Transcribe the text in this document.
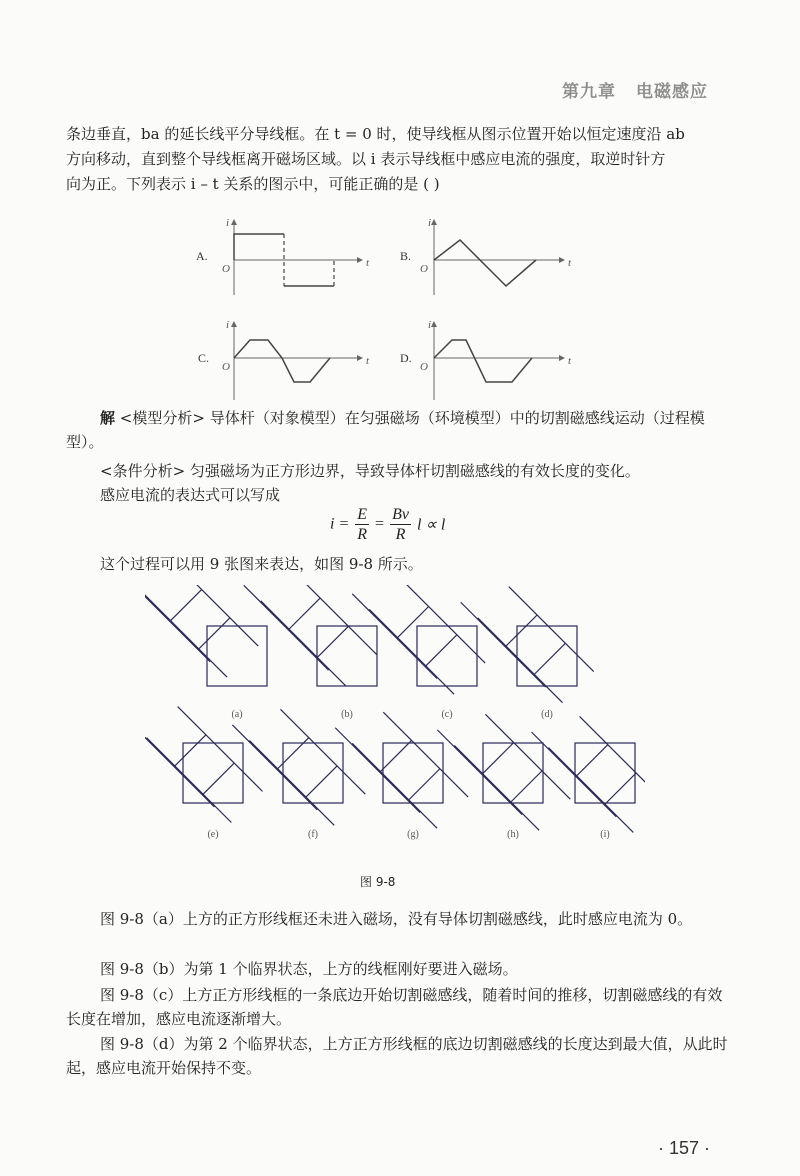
第九章 电磁感应
条边垂直，ba 的延长线平分导线框。在 t = 0 时，使导线框从图示位置开始以恒定速度沿 ab
方向移动，直到整个导线框离开磁场区域。以 i 表示导线框中感应电流的强度，取逆时针方
向为正。下列表示 i – t 关系的图示中，可能正确的是 ( )
A.
O
i
t	B.
O
i
t
C.
O
i
t	D.
O
i
t
解 <模型分析> 导体杆（对象模型）在匀强磁场（环境模型）中的切割磁感线运动（过程模型）。
<条件分析> 匀强磁场为正方形边界，导致导体杆切割磁感线的有效长度的变化。
感应电流的表达式可以写成
$i = \frac{E}{R} = \frac{Bv}{R}$ l ∝ l
这个过程可以用 9 张图来表达，如图 9-8 所示。
(a)	(b)	(c)	(d)
(e)	(f)	(g)	(h)	(i)
图 9-8
图 9-8（a）上方的正方形线框还未进入磁场，没有导体切割磁感线，此时感应电流为 0。
图 9-8（b）为第 1 个临界状态，上方的线框刚好要进入磁场。
图 9-8（c）上方正方形线框的一条底边开始切割磁感线，随着时间的推移，切割磁感线的有效长度在增加，感应电流逐渐增大。
图 9-8（d）为第 2 个临界状态，上方正方形线框的底边切割磁感线的长度达到最大值，从此时起，感应电流开始保持不变。
· 157 ·
